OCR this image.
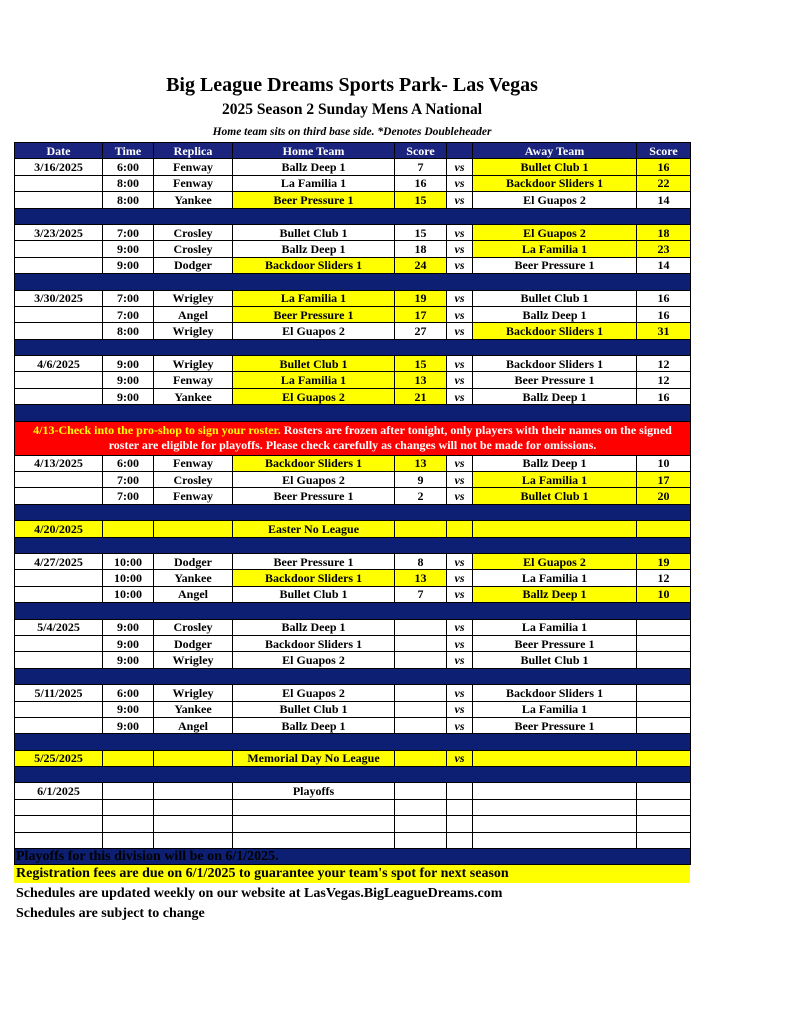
Big League Dreams Sports Park- Las Vegas
2025 Season 2 Sunday Mens A National
Home team sits on third base side. *Denotes Doubleheader
Date	Time	Replica	Home Team	Score		Away Team	Score
3/16/2025	6:00	Fenway	Ballz Deep 1	7	vs	Bullet Club 1	16
	8:00	Fenway	La Familia 1	16	vs	Backdoor Sliders 1	22
	8:00	Yankee	Beer Pressure 1	15	vs	El Guapos 2	14

3/23/2025	7:00	Crosley	Bullet Club 1	15	vs	El Guapos 2	18
	9:00	Crosley	Ballz Deep 1	18	vs	La Familia 1	23
	9:00	Dodger	Backdoor Sliders 1	24	vs	Beer Pressure 1	14

3/30/2025	7:00	Wrigley	La Familia 1	19	vs	Bullet Club 1	16
	7:00	Angel	Beer Pressure 1	17	vs	Ballz Deep 1	16
	8:00	Wrigley	El Guapos 2	27	vs	Backdoor Sliders 1	31

4/6/2025	9:00	Wrigley	Bullet Club 1	15	vs	Backdoor Sliders 1	12
	9:00	Fenway	La Familia 1	13	vs	Beer Pressure 1	12
	9:00	Yankee	El Guapos 2	21	vs	Ballz Deep 1	16

4/13-Check into the pro-shop to sign your roster. Rosters are frozen after tonight, only players with their names on the signed roster are eligible for playoffs. Please check carefully as changes will not be made for omissions.							
4/13/2025	6:00	Fenway	Backdoor Sliders 1	13	vs	Ballz Deep 1	10
	7:00	Crosley	El Guapos 2	9	vs	La Familia 1	17
	7:00	Fenway	Beer Pressure 1	2	vs	Bullet Club 1	20

4/20/2025			Easter No League				

4/27/2025	10:00	Dodger	Beer Pressure 1	8	vs	El Guapos 2	19
	10:00	Yankee	Backdoor Sliders 1	13	vs	La Familia 1	12
	10:00	Angel	Bullet Club 1	7	vs	Ballz Deep 1	10

5/4/2025	9:00	Crosley	Ballz Deep 1		vs	La Familia 1	
	9:00	Dodger	Backdoor Sliders 1		vs	Beer Pressure 1	
	9:00	Wrigley	El Guapos 2		vs	Bullet Club 1	

5/11/2025	6:00	Wrigley	El Guapos 2		vs	Backdoor Sliders 1	
	9:00	Yankee	Bullet Club 1		vs	La Familia 1	
	9:00	Angel	Ballz Deep 1		vs	Beer Pressure 1	

5/25/2025			Memorial Day No League		vs		

6/1/2025			Playoffs				

Playoffs for this division will be on 6/1/2025.
Registration fees are due on 6/1/2025 to guarantee your team's spot for next season
Schedules are updated weekly on our website at LasVegas.BigLeagueDreams.com
Schedules are subject to change
